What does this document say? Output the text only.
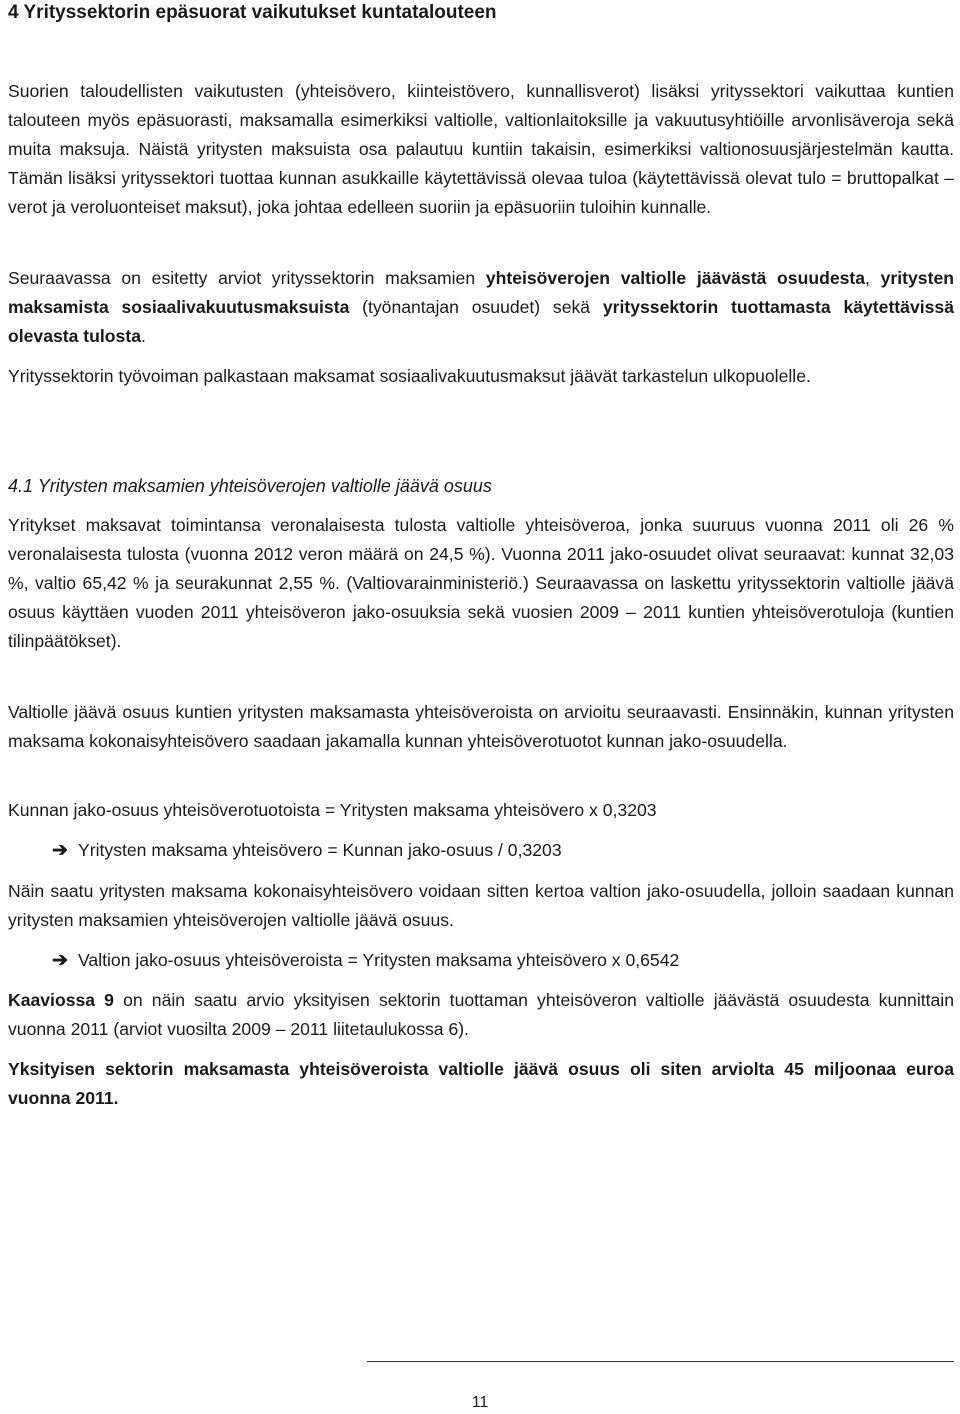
4 Yrityssektorin epäsuorat vaikutukset kuntatalouteen
Suorien taloudellisten vaikutusten (yhteisövero, kiinteistövero, kunnallisverot) lisäksi yrityssektori vaikuttaa kuntien talouteen myös epäsuorasti, maksamalla esimerkiksi valtiolle, valtionlaitoksille ja vakuutusyhtiöille arvonlisäveroja sekä muita maksuja. Näistä yritysten maksuista osa palautuu kuntiin takaisin, esimerkiksi valtionosuusjärjestelmän kautta. Tämän lisäksi yrityssektori tuottaa kunnan asukkaille käytettävissä olevaa tuloa (käytettävissä olevat tulo = bruttopalkat – verot ja veroluonteiset maksut), joka johtaa edelleen suoriin ja epäsuoriin tuloihin kunnalle.
Seuraavassa on esitetty arviot yrityssektorin maksamien yhteisöverojen valtiolle jäävästä osuudesta, yritysten maksamista sosiaalivakuutusmaksuista (työnantajan osuudet) sekä yrityssektorin tuottamasta käytettävissä olevasta tulosta.
Yrityssektorin työvoiman palkastaan maksamat sosiaalivakuutusmaksut jäävät tarkastelun ulkopuolelle.
4.1 Yritysten maksamien yhteisöverojen valtiolle jäävä osuus
Yritykset maksavat toimintansa veronalaisesta tulosta valtiolle yhteisöveroa, jonka suuruus vuonna 2011 oli 26 % veronalaisesta tulosta (vuonna 2012 veron määrä on 24,5 %). Vuonna 2011 jako-osuudet olivat seuraavat: kunnat 32,03 %, valtio 65,42 % ja seurakunnat 2,55 %. (Valtiovarainministeriö.) Seuraavassa on laskettu yrityssektorin valtiolle jäävä osuus käyttäen vuoden 2011 yhteisöveron jako-osuuksia sekä vuosien 2009 – 2011 kuntien yhteisöverotuloja (kuntien tilinpäätökset).
Valtiolle jäävä osuus kuntien yritysten maksamasta yhteisöveroista on arvioitu seuraavasti. Ensinnäkin, kunnan yritysten maksama kokonaisyhteisövero saadaan jakamalla kunnan yhteisöverotuotot kunnan jako-osuudella.
Kunnan jako-osuus yhteisöverotuotoista = Yritysten maksama yhteisövero x 0,3203
➔ Yritysten maksama yhteisövero = Kunnan jako-osuus / 0,3203
Näin saatu yritysten maksama kokonaisyhteisövero voidaan sitten kertoa valtion jako-osuudella, jolloin saadaan kunnan yritysten maksamien yhteisöverojen valtiolle jäävä osuus.
➔ Valtion jako-osuus yhteisöveroista = Yritysten maksama yhteisövero x 0,6542
Kaaviossa 9 on näin saatu arvio yksityisen sektorin tuottaman yhteisöveron valtiolle jäävästä osuudesta kunnittain vuonna 2011 (arviot vuosilta 2009 – 2011 liitetaulukossa 6).
Yksityisen sektorin maksamasta yhteisöveroista valtiolle jäävä osuus oli siten arviolta 45 miljoonaa euroa vuonna 2011.
11
